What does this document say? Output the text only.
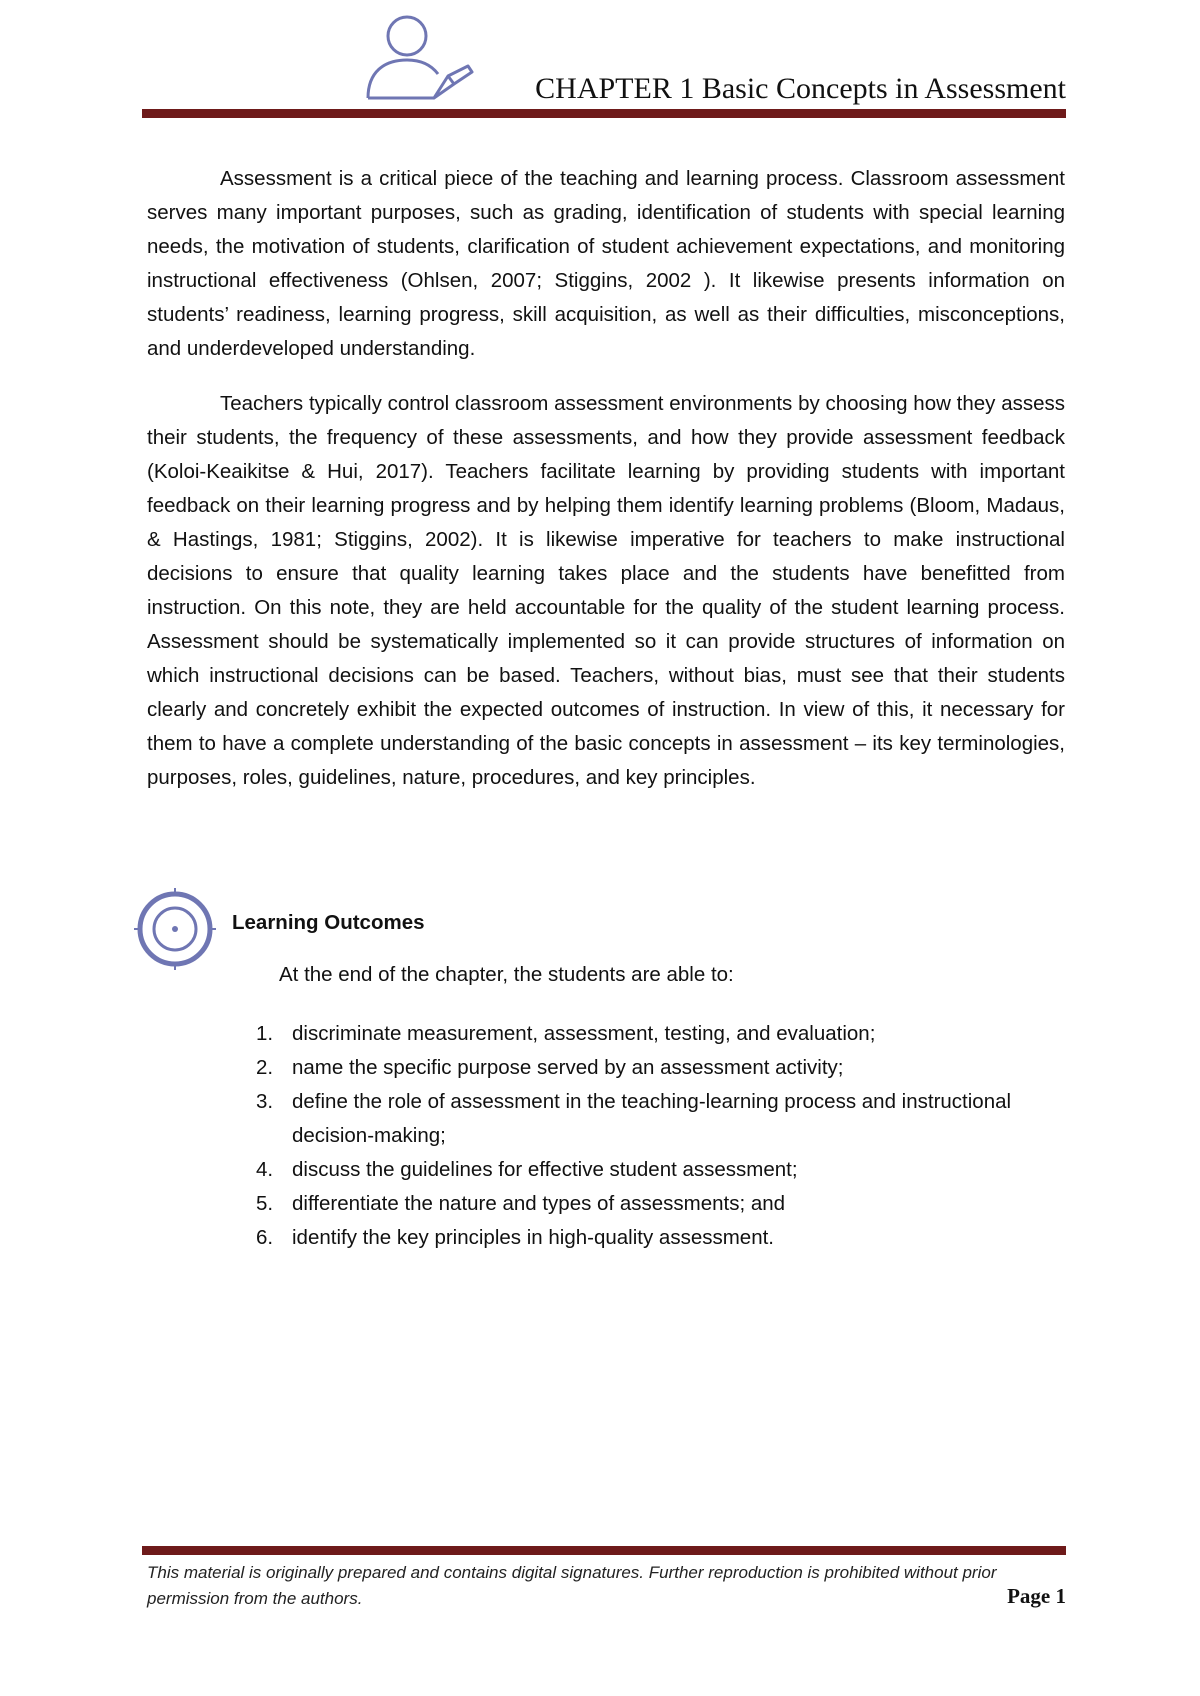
CHAPTER 1 Basic Concepts in Assessment

Assessment is a critical piece of the teaching and learning process. Classroom assessment serves many important purposes, such as grading, identification of students with special learning needs, the motivation of students, clarification of student achievement expectations, and monitoring instructional effectiveness (Ohlsen, 2007; Stiggins, 2002 ). It likewise presents information on students’ readiness, learning progress, skill acquisition, as well as their difficulties, misconceptions, and underdeveloped understanding.

Teachers typically control classroom assessment environments by choosing how they assess their students, the frequency of these assessments, and how they provide assessment feedback (Koloi-Keaikitse & Hui, 2017). Teachers facilitate learning by providing students with important feedback on their learning progress and by helping them identify learning problems (Bloom, Madaus, & Hastings, 1981; Stiggins, 2002). It is likewise imperative for teachers to make instructional decisions to ensure that quality learning takes place and the students have benefitted from instruction. On this note, they are held accountable for the quality of the student learning process. Assessment should be systematically implemented so it can provide structures of information on which instructional decisions can be based. Teachers, without bias, must see that their students clearly and concretely exhibit the expected outcomes of instruction. In view of this, it necessary for them to have a complete understanding of the basic concepts in assessment – its key terminologies, purposes, roles, guidelines, nature, procedures, and key principles.

Learning Outcomes
At the end of the chapter, the students are able to:
1. discriminate measurement, assessment, testing, and evaluation;
2. name the specific purpose served by an assessment activity;
3. define the role of assessment in the teaching-learning process and instructional decision-making;
4. discuss the guidelines for effective student assessment;
5. differentiate the nature and types of assessments; and
6. identify the key principles in high-quality assessment.
This material is originally prepared and contains digital signatures. Further reproduction is prohibited without prior permission from the authors.	Page 1
